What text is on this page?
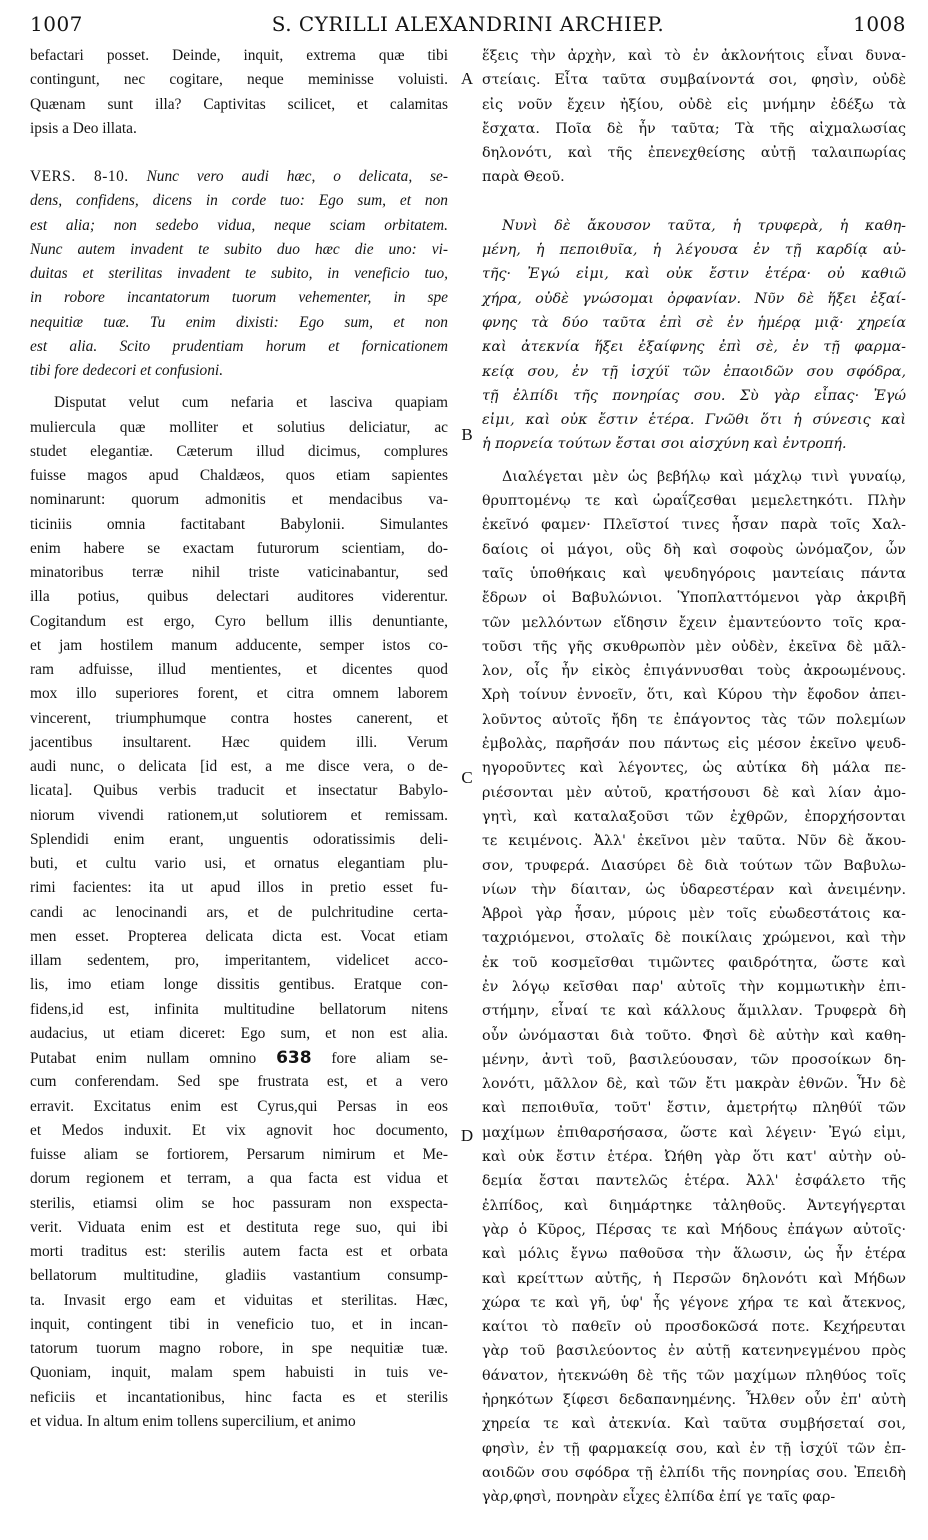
S. CYRILLI ALEXANDRINI ARCHIEP.
1007	1008
A
B
C
D
befactari posset. Deinde, inquit, extrema quæ tibi
contingunt, nec cogitare, neque meminisse voluisti.
Quænam sunt illa? Captivitas scilicet, et calamitas
ipsis a Deo illata.
VERS. 8-10. Nunc vero audi hæc, o delicata, se-
dens, confidens, dicens in corde tuo: Ego sum, et non
est alia; non sedebo vidua, neque sciam orbitatem.
Nunc autem invadent te subito duo hæc die uno: vi-
duitas et sterilitas invadent te subito, in veneficio tuo,
in robore incantatorum tuorum vehementer, in spe
nequitiæ tuæ. Tu enim dixisti: Ego sum, et non
est alia. Scito prudentiam horum et fornicationem
tibi fore dedecori et confusioni.
Disputat velut cum nefaria et lasciva quapiam
muliercula quæ molliter et solutius deliciatur, ac
studet elegantiæ. Cæterum illud dicimus, complures
fuisse magos apud Chaldæos, quos etiam sapientes
nominarunt: quorum admonitis et mendacibus va-
ticiniis omnia factitabant Babylonii. Simulantes
enim habere se exactam futurorum scientiam, do-
minatoribus terræ nihil triste vaticinabantur, sed
illa potius, quibus delectari auditores viderentur.
Cogitandum est ergo, Cyro bellum illis denuntiante,
et jam hostilem manum adducente, semper istos co-
ram adfuisse, illud mentientes, et dicentes quod
mox illo superiores forent, et citra omnem laborem
vincerent, triumphumque contra hostes canerent, et
jacentibus insultarent. Hæc quidem illi. Verum
audi nunc, o delicata [id est, a me disce vera, o de-
licata]. Quibus verbis traducit et insectatur Babylo-
niorum vivendi rationem,ut solutiorem et remissam.
Splendidi enim erant, unguentis odoratissimis deli-
buti, et cultu vario usi, et ornatus elegantiam plu-
rimi facientes: ita ut apud illos in pretio esset fu-
candi ac lenocinandi ars, et de pulchritudine certa-
men esset. Propterea delicata dicta est. Vocat etiam
illam sedentem, pro, imperitantem, videlicet acco-
lis, imo etiam longe dissitis gentibus. Eratque con-
fidens,id est, infinita multitudine bellatorum nitens
audacius, ut etiam diceret: Ego sum, et non est alia.
Putabat enim nullam omnino 638 fore aliam se-
cum conferendam. Sed spe frustrata est, et a vero
erravit. Excitatus enim est Cyrus,qui Persas in eos
et Medos induxit. Et vix agnovit hoc documento,
fuisse aliam se fortiorem, Persarum nimirum et Me-
dorum regionem et terram, a qua facta est vidua et
sterilis, etiamsi olim se hoc passuram non exspecta-
verit. Viduata enim est et destituta rege suo, qui ibi
morti traditus est: sterilis autem facta est et orbata
bellatorum multitudine, gladiis vastantium consump-
ta. Invasit ergo eam et viduitas et sterilitas. Hæc,
inquit, contingent tibi in veneficio tuo, et in incan-
tatorum tuorum magno robore, in spe nequitiæ tuæ.
Quoniam, inquit, malam spem habuisti in tuis ve-
neficiis et incantationibus, hinc facta es et sterilis
et vidua. In altum enim tollens supercilium, et animo
ἕξεις τὴν ἀρχὴν, καὶ τὸ ἐν ἀκλονήτοις εἶναι δυνα-
στείαις. Εἶτα ταῦτα συμβαίνοντά σοι, φησὶν, οὐδὲ
εἰς νοῦν ἔχειν ἠξίου, οὐδὲ εἰς μνήμην ἐδέξω τὰ
ἔσχατα. Ποῖα δὲ ἦν ταῦτα; Τὰ τῆς αἰχμαλωσίας
δηλονότι, καὶ τῆς ἐπενεχθείσης αὐτῇ ταλαιπωρίας
παρὰ Θεοῦ.
Νυνὶ δὲ ἄκουσον ταῦτα, ἡ τρυφερὰ, ἡ καθη-
μένη, ἡ πεποιθυῖα, ἡ λέγουσα ἐν τῇ καρδίᾳ αὐ-
τῆς· Ἐγώ εἰμι, καὶ οὐκ ἔστιν ἑτέρα· οὐ καθιῶ
χήρα, οὐδὲ γνώσομαι ὀρφανίαν. Νῦν δὲ ἥξει ἐξαί-
φνης τὰ δύο ταῦτα ἐπὶ σὲ ἐν ἡμέρᾳ μιᾷ· χηρεία
καὶ ἀτεκνία ἥξει ἐξαίφνης ἐπὶ σὲ, ἐν τῇ φαρμα-
κείᾳ σου, ἐν τῇ ἰσχύϊ τῶν ἐπαοιδῶν σου σφόδρα,
τῇ ἐλπίδι τῆς πονηρίας σου. Σὺ γὰρ εἶπας· Ἐγώ
εἰμι, καὶ οὐκ ἔστιν ἑτέρα. Γνῶθι ὅτι ἡ σύνεσις καὶ
ἡ πορνεία τούτων ἔσται σοι αἰσχύνη καὶ ἐντροπή.
Διαλέγεται μὲν ὡς βεβήλῳ καὶ μάχλῳ τινὶ γυναίῳ,
θρυπτομένῳ τε καὶ ὡραΐζεσθαι μεμελετηκότι. Πλὴν
ἐκεῖνό φαμεν· Πλεῖστοί τινες ἦσαν παρὰ τοῖς Χαλ-
δαίοις οἱ μάγοι, οὓς δὴ καὶ σοφοὺς ὠνόμαζον, ὧν
ταῖς ὑποθήκαις καὶ ψευδηγόροις μαντείαις πάντα
ἔδρων οἱ Βαβυλώνιοι. Ὑποπλαττόμενοι γὰρ ἀκριβῆ
τῶν μελλόντων εἴδησιν ἔχειν ἐμαντεύοντο τοῖς κρα-
τοῦσι τῆς γῆς σκυθρωπὸν μὲν οὐδὲν, ἐκεῖνα δὲ μᾶλ-
λον, οἷς ἦν εἰκὸς ἐπιγάννυσθαι τοὺς ἀκροωμένους.
Χρὴ τοίνυν ἐννοεῖν, ὅτι, καὶ Κύρου τὴν ἔφοδον ἀπει-
λοῦντος αὐτοῖς ἤδη τε ἐπάγοντος τὰς τῶν πολεμίων
ἐμβολὰς, παρῆσάν που πάντως εἰς μέσον ἐκεῖνο ψευδ-
ηγοροῦντες καὶ λέγοντες, ὡς αὐτίκα δὴ μάλα πε-
ριέσονται μὲν αὐτοῦ, κρατήσουσι δὲ καὶ λίαν ἀμο-
γητὶ, καὶ καταλαξοῦσι τῶν ἐχθρῶν, ἐπορχήσονται
τε κειμένοις. Ἀλλ' ἐκεῖνοι μὲν ταῦτα. Νῦν δὲ ἄκου-
σον, τρυφερά. Διασύρει δὲ διὰ τούτων τῶν Βαβυλω-
νίων τὴν δίαιταν, ὡς ὑδαρεστέραν καὶ ἀνειμένην.
Ἁβροὶ γὰρ ἦσαν, μύροις μὲν τοῖς εὐωδεστάτοις κα-
ταχριόμενοι, στολαῖς δὲ ποικίλαις χρώμενοι, καὶ τὴν
ἐκ τοῦ κοσμεῖσθαι τιμῶντες φαιδρότητα, ὥστε καὶ
ἐν λόγῳ κεῖσθαι παρ' αὐτοῖς τὴν κομμωτικὴν ἐπι-
στήμην, εἶναί τε καὶ κάλλους ἅμιλλαν. Τρυφερὰ δὴ
οὖν ὠνόμασται διὰ τοῦτο. Φησὶ δὲ αὐτὴν καὶ καθη-
μένην, ἀντὶ τοῦ, βασιλεύουσαν, τῶν προσοίκων δη-
λονότι, μᾶλλον δὲ, καὶ τῶν ἔτι μακρὰν ἐθνῶν. Ἦν δὲ
καὶ πεποιθυῖα, τοῦτ' ἔστιν, ἀμετρήτῳ πληθύϊ τῶν
μαχίμων ἐπιθαρσήσασα, ὥστε καὶ λέγειν· Ἐγώ εἰμι,
καὶ οὐκ ἔστιν ἑτέρα. Ὠήθη γὰρ ὅτι κατ' αὐτὴν οὐ-
δεμία ἔσται παντελῶς ἑτέρα. Ἀλλ' ἐσφάλετο τῆς
ἐλπίδος, καὶ διημάρτηκε τἀληθοῦς. Ἀντεγήγερται
γὰρ ὁ Κῦρος, Πέρσας τε καὶ Μήδους ἐπάγων αὐτοῖς·
καὶ μόλις ἔγνω παθοῦσα τὴν ἅλωσιν, ὡς ἦν ἑτέρα
καὶ κρείττων αὐτῆς, ἡ Περσῶν δηλονότι καὶ Μήδων
χώρα τε καὶ γῆ, ὑφ' ἧς γέγονε χήρα τε καὶ ἄτεκνος,
καίτοι τὸ παθεῖν οὐ προσδοκῶσά ποτε. Κεχήρευται
γὰρ τοῦ βασιλεύοντος ἐν αὐτῇ κατενηνεγμένου πρὸς
θάνατον, ἠτεκνώθη δὲ τῆς τῶν μαχίμων πληθύος τοῖς
ἠρηκότων ξίφεσι δεδαπανημένης. Ἦλθεν οὖν ἐπ' αὐτὴ
χηρεία τε καὶ ἀτεκνία. Καὶ ταῦτα συμβήσεταί σοι,
φησὶν, ἐν τῇ φαρμακείᾳ σου, καὶ ἐν τῇ ἰσχύϊ τῶν ἐπ-
αοιδῶν σου σφόδρα τῇ ἐλπίδι τῆς πονηρίας σου. Ἐπειδὴ
γὰρ,φησὶ, πονηρὰν εἶχες ἐλπίδα ἐπί γε ταῖς φαρ-
